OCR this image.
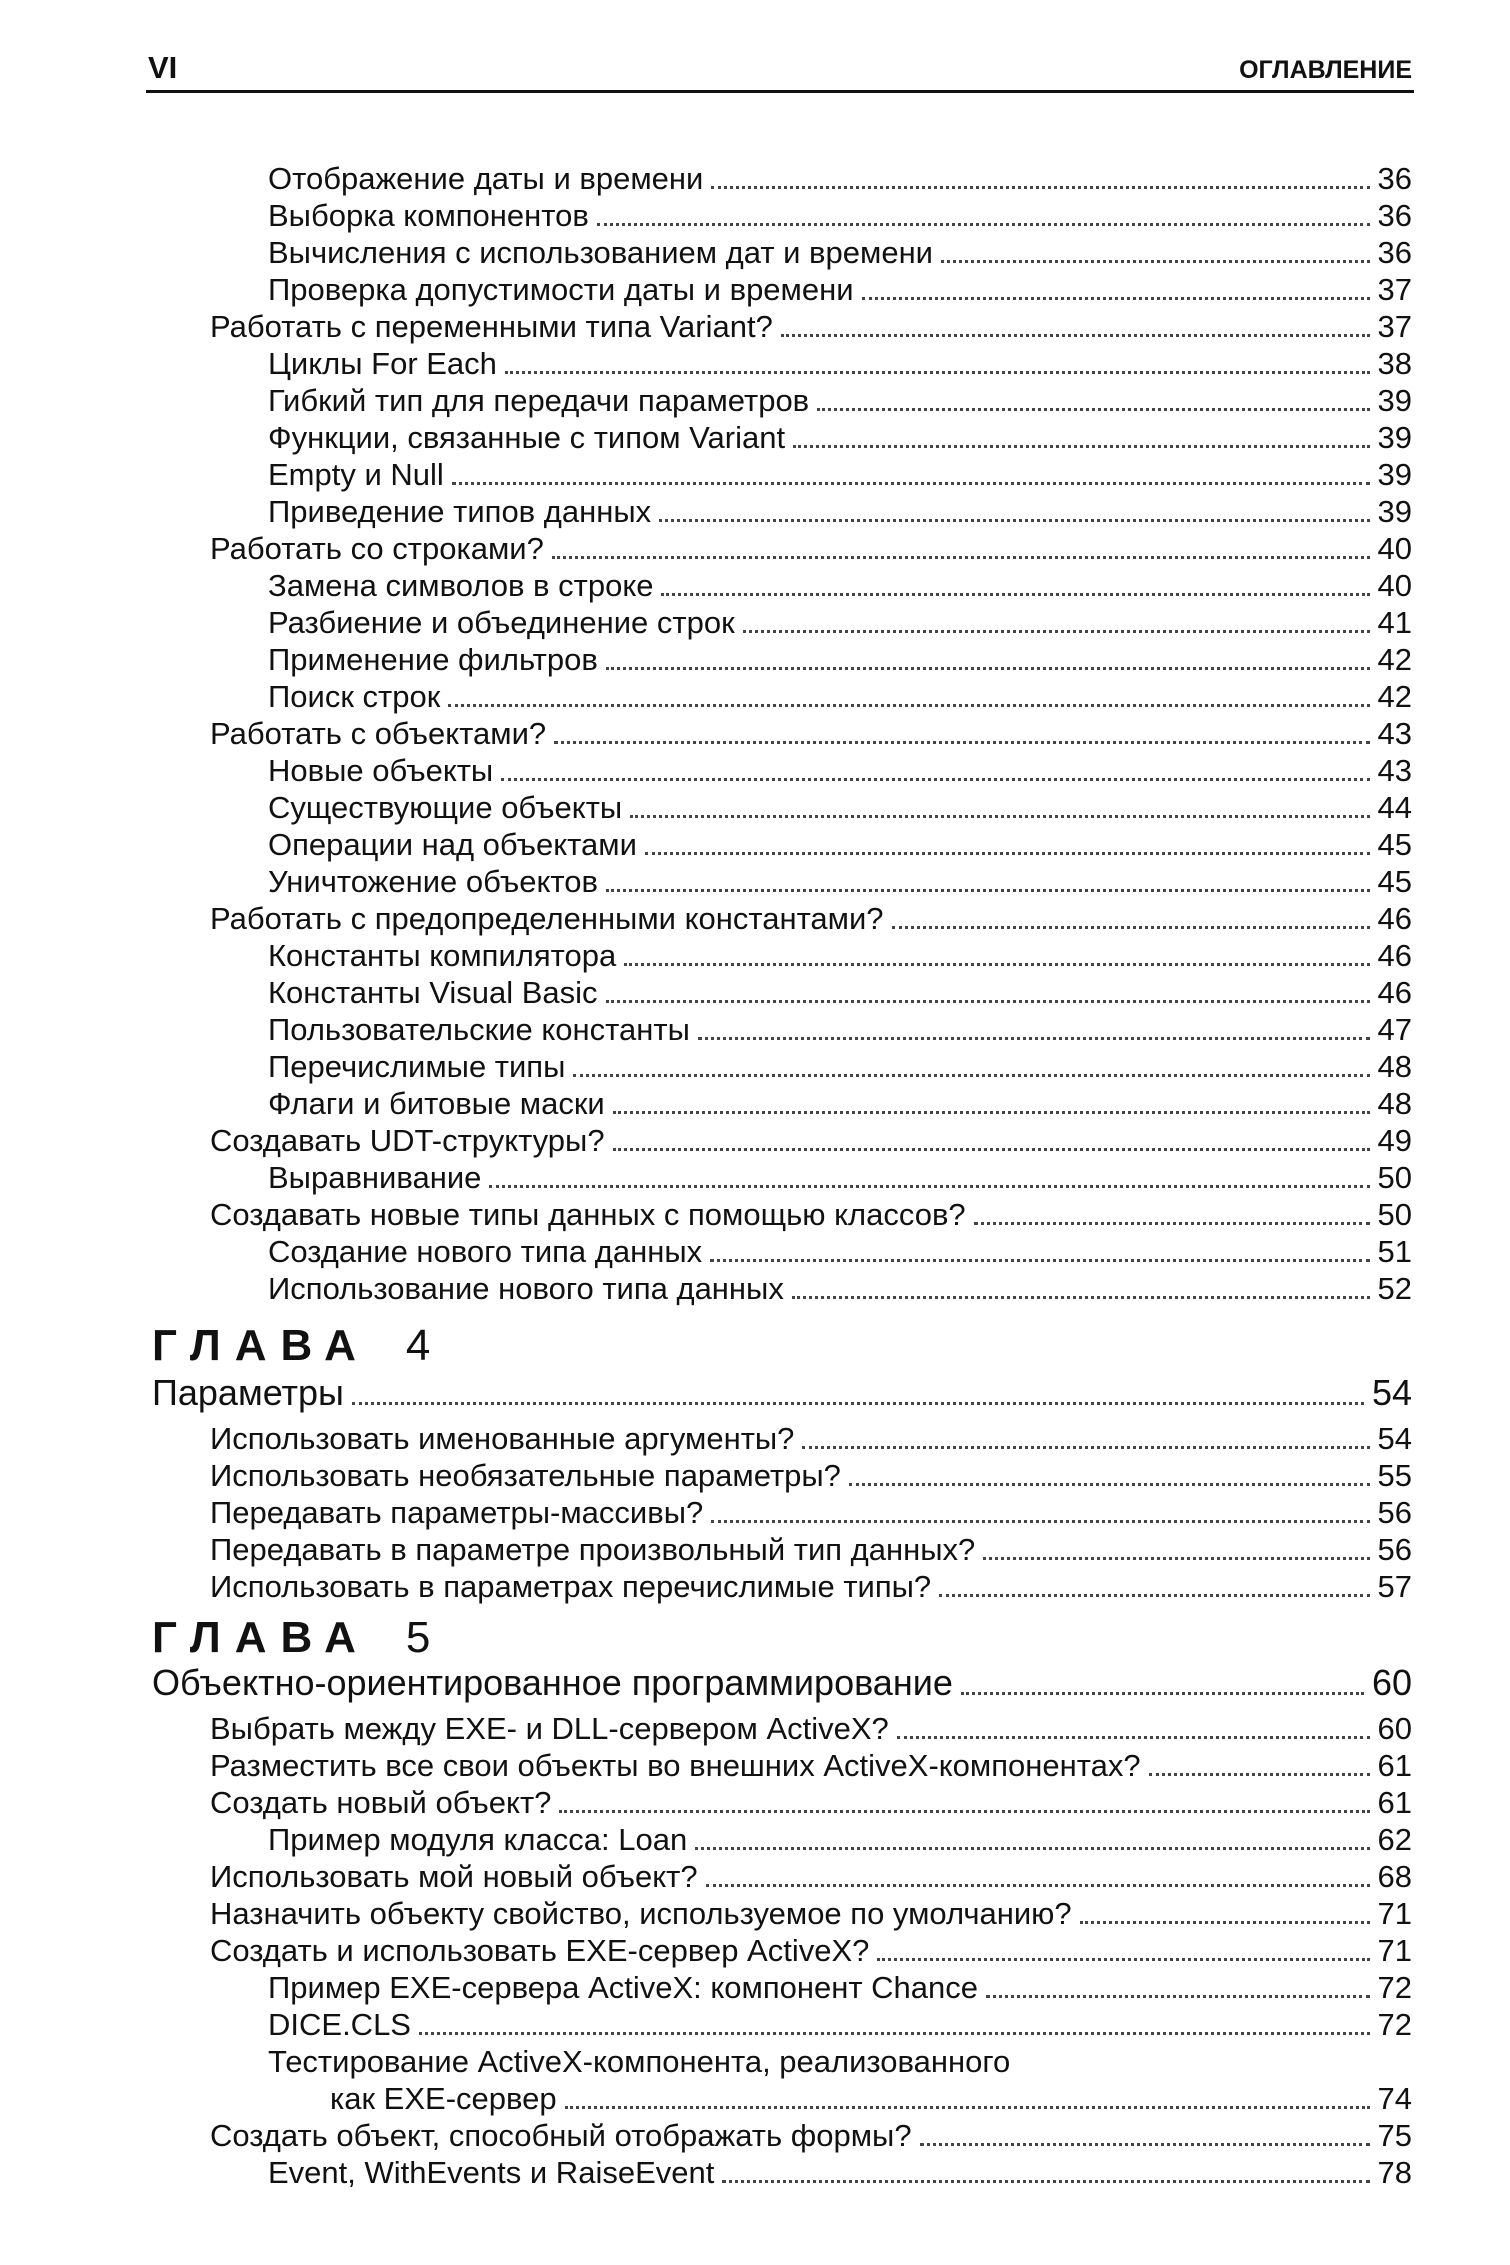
VI	ОГЛАВЛЕНИЕ
Отображение даты и времени	36
Выборка компонентов	36
Вычисления с использованием дат и времени	36
Проверка допустимости даты и времени	37
Работать с переменными типа Variant?	37
Циклы For Each	38
Гибкий тип для передачи параметров	39
Функции, связанные с типом Variant	39
Empty и Null	39
Приведение типов данных	39
Работать со строками?	40
Замена символов в строке	40
Разбиение и объединение строк	41
Применение фильтров	42
Поиск строк	42
Работать с объектами?	43
Новые объекты	43
Существующие объекты	44
Операции над объектами	45
Уничтожение объектов	45
Работать с предопределенными константами?	46
Константы компилятора	46
Константы Visual Basic	46
Пользовательские константы	47
Перечислимые типы	48
Флаги и битовые маски	48
Создавать UDT-структуры?	49
Выравнивание	50
Создавать новые типы данных с помощью классов?	50
Создание нового типа данных	51
Использование нового типа данных	52
ГЛАВА 4
Параметры	54
Использовать именованные аргументы?	54
Использовать необязательные параметры?	55
Передавать параметры-массивы?	56
Передавать в параметре произвольный тип данных?	56
Использовать в параметрах перечислимые типы?	57
ГЛАВА 5
Объектно-ориентированное программирование	60
Выбрать между EXE- и DLL-сервером ActiveX?	60
Разместить все свои объекты во внешних ActiveX-компонентах?	61
Создать новый объект?	61
Пример модуля класса: Loan	62
Использовать мой новый объект?	68
Назначить объекту свойство, используемое по умолчанию?	71
Создать и использовать EXE-сервер ActiveX?	71
Пример EXE-сервера ActiveX: компонент Chance	72
DICE.CLS	72
Тестирование ActiveX-компонента, реализованного
как EXE-сервер	74
Создать объект, способный отображать формы?	75
Event, WithEvents и RaiseEvent	78
